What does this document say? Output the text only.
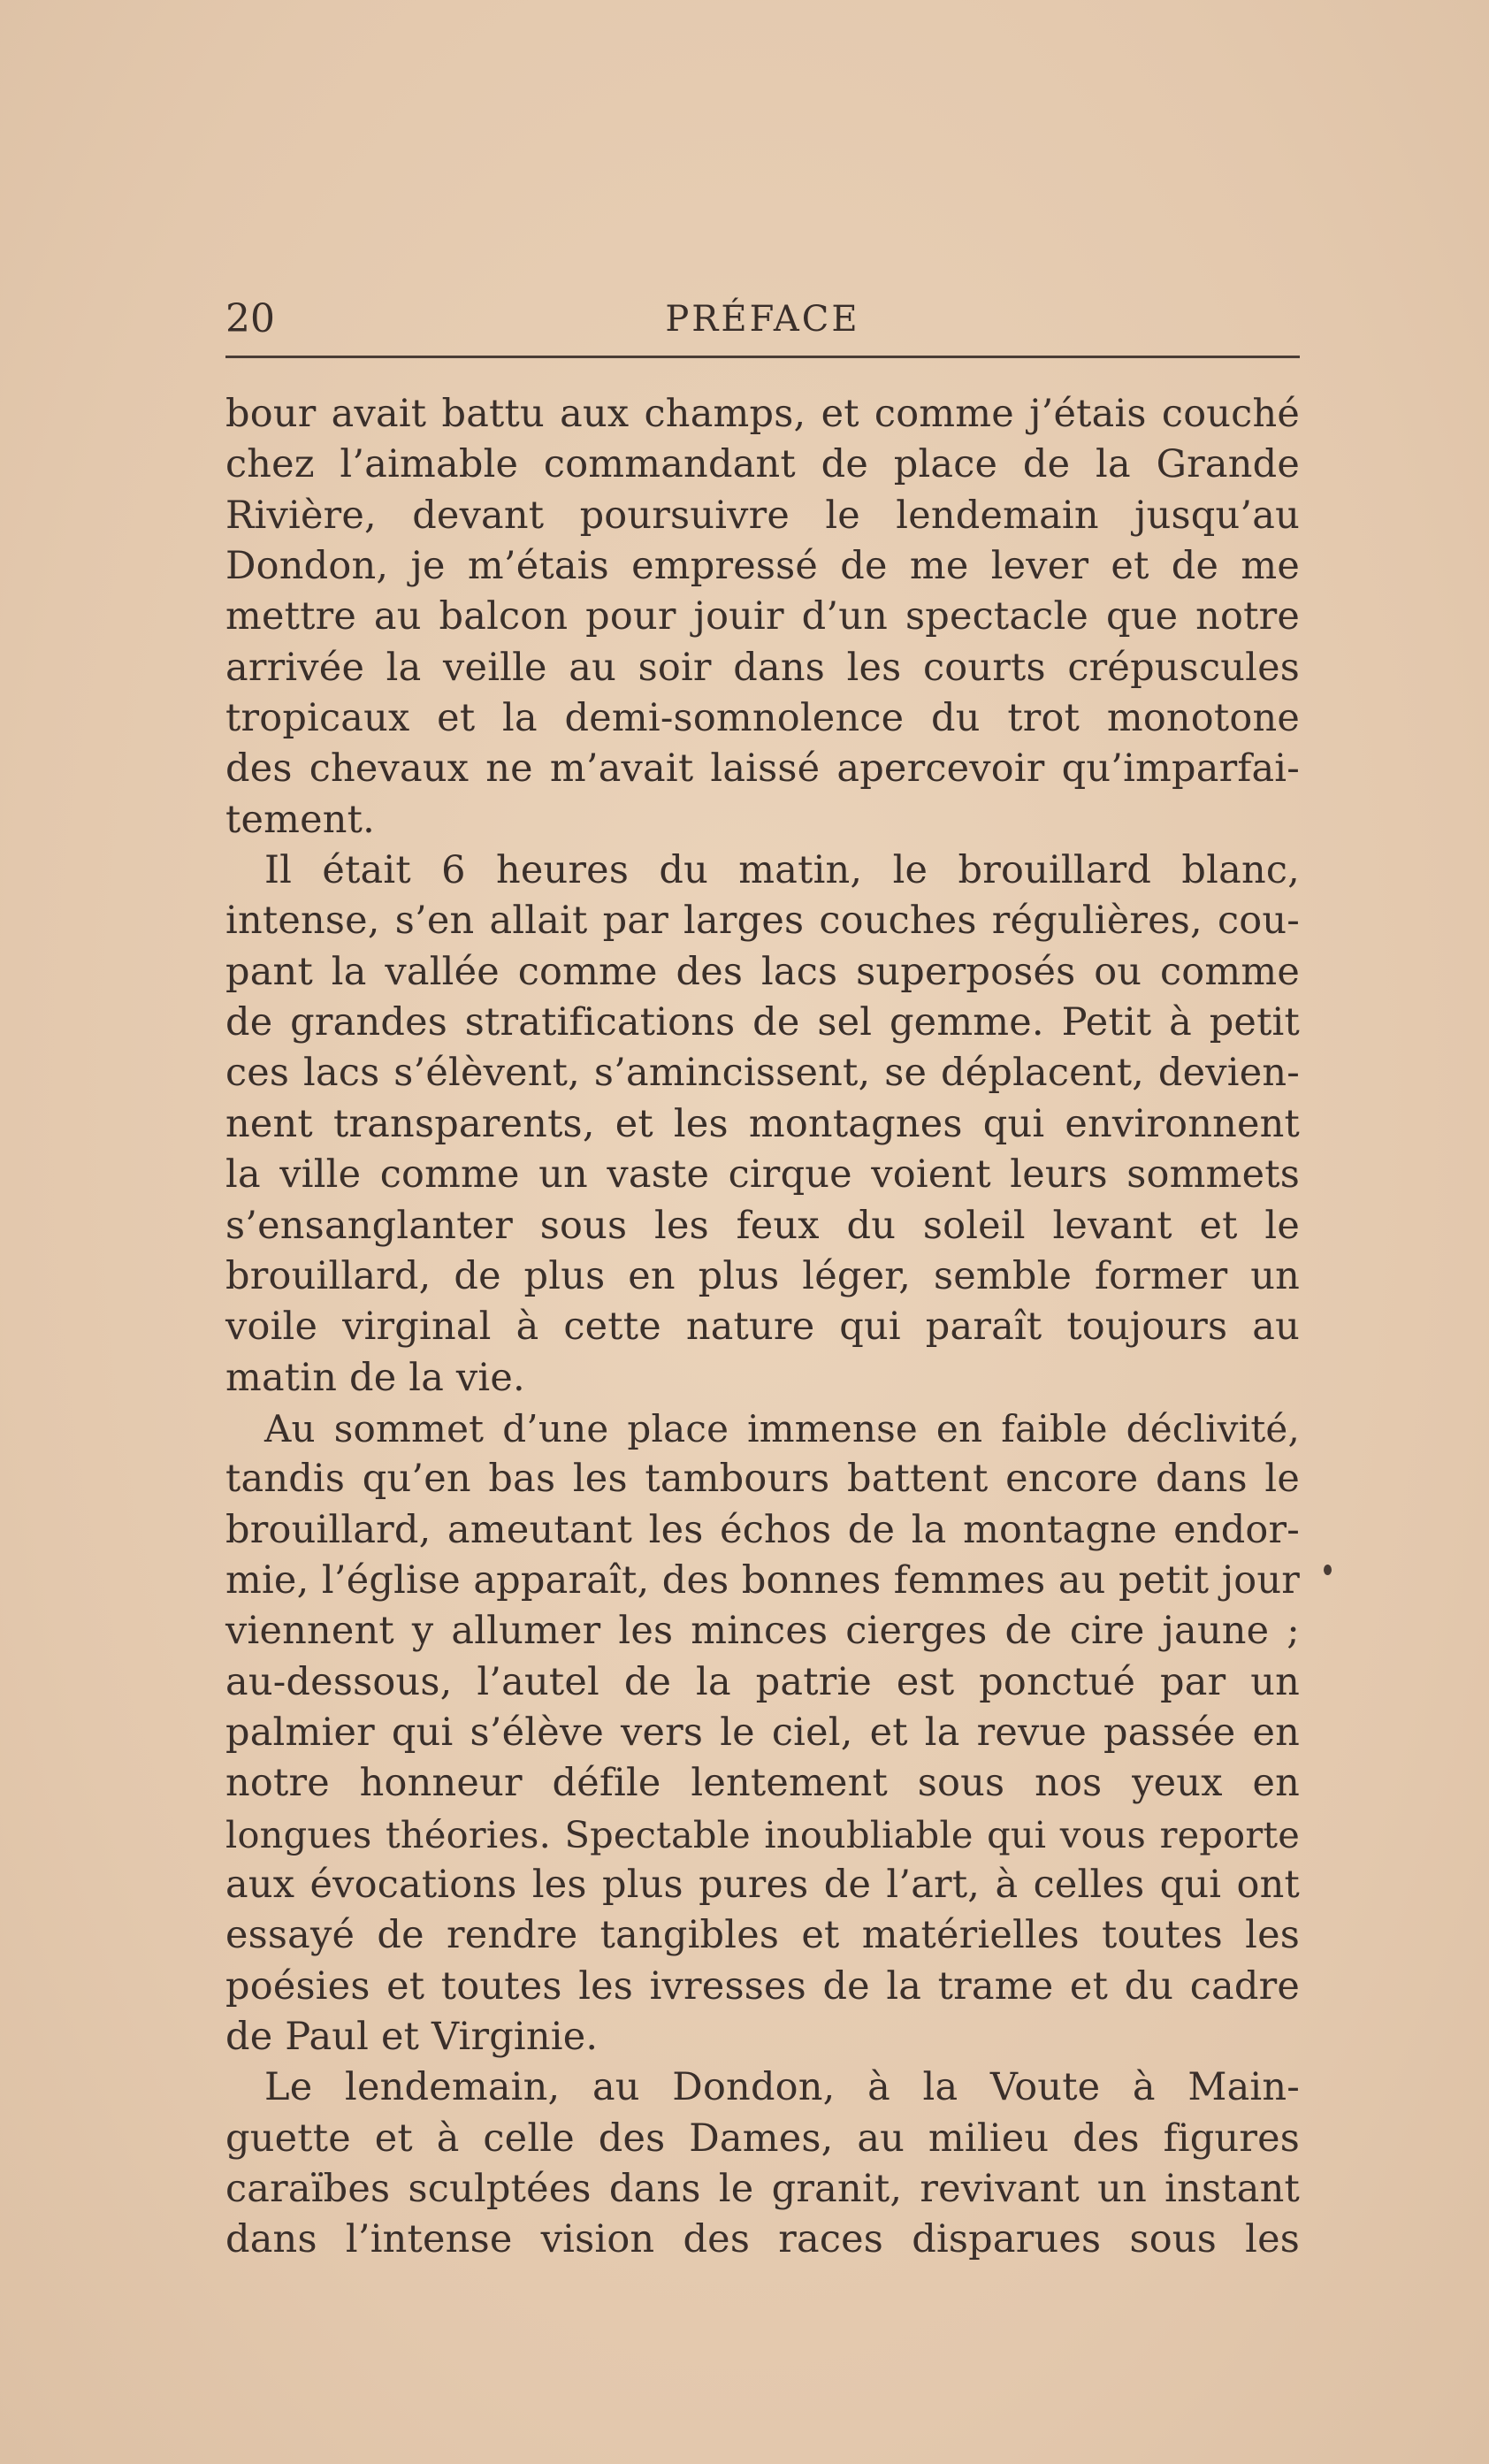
20	PRÉFACE
bour avait battu aux champs, et comme j’étais couché
chez l’aimable commandant de place de la Grande
Rivière, devant poursuivre le lendemain jusqu’au
Dondon, je m’étais empressé de me lever et de me
mettre au balcon pour jouir d’un spectacle que notre
arrivée la veille au soir dans les courts crépuscules
tropicaux et la demi-somnolence du trot monotone
des chevaux ne m’avait laissé apercevoir qu’imparfai-
tement.
Il était 6 heures du matin, le brouillard blanc,
intense, s’en allait par larges couches régulières, cou-
pant la vallée comme des lacs superposés ou comme
de grandes stratifications de sel gemme. Petit à petit
ces lacs s’élèvent, s’amincissent, se déplacent, devien-
nent transparents, et les montagnes qui environnent
la ville comme un vaste cirque voient leurs sommets
s’ensanglanter sous les feux du soleil levant et le
brouillard, de plus en plus léger, semble former un
voile virginal à cette nature qui paraît toujours au
matin de la vie.
Au sommet d’une place immense en faible déclivité,
tandis qu’en bas les tambours battent encore dans le
brouillard, ameutant les échos de la montagne endor-
mie, l’église apparaît, des bonnes femmes au petit jour
viennent y allumer les minces cierges de cire jaune ;
au-dessous, l’autel de la patrie est ponctué par un
palmier qui s’élève vers le ciel, et la revue passée en
notre honneur défile lentement sous nos yeux en
longues théories. Spectable inoubliable qui vous reporte
aux évocations les plus pures de l’art, à celles qui ont
essayé de rendre tangibles et matérielles toutes les
poésies et toutes les ivresses de la trame et du cadre
de Paul et Virginie.
Le lendemain, au Dondon, à la Voute à Main-
guette et à celle des Dames, au milieu des figures
caraïbes sculptées dans le granit, revivant un instant
dans l’intense vision des races disparues sous les
